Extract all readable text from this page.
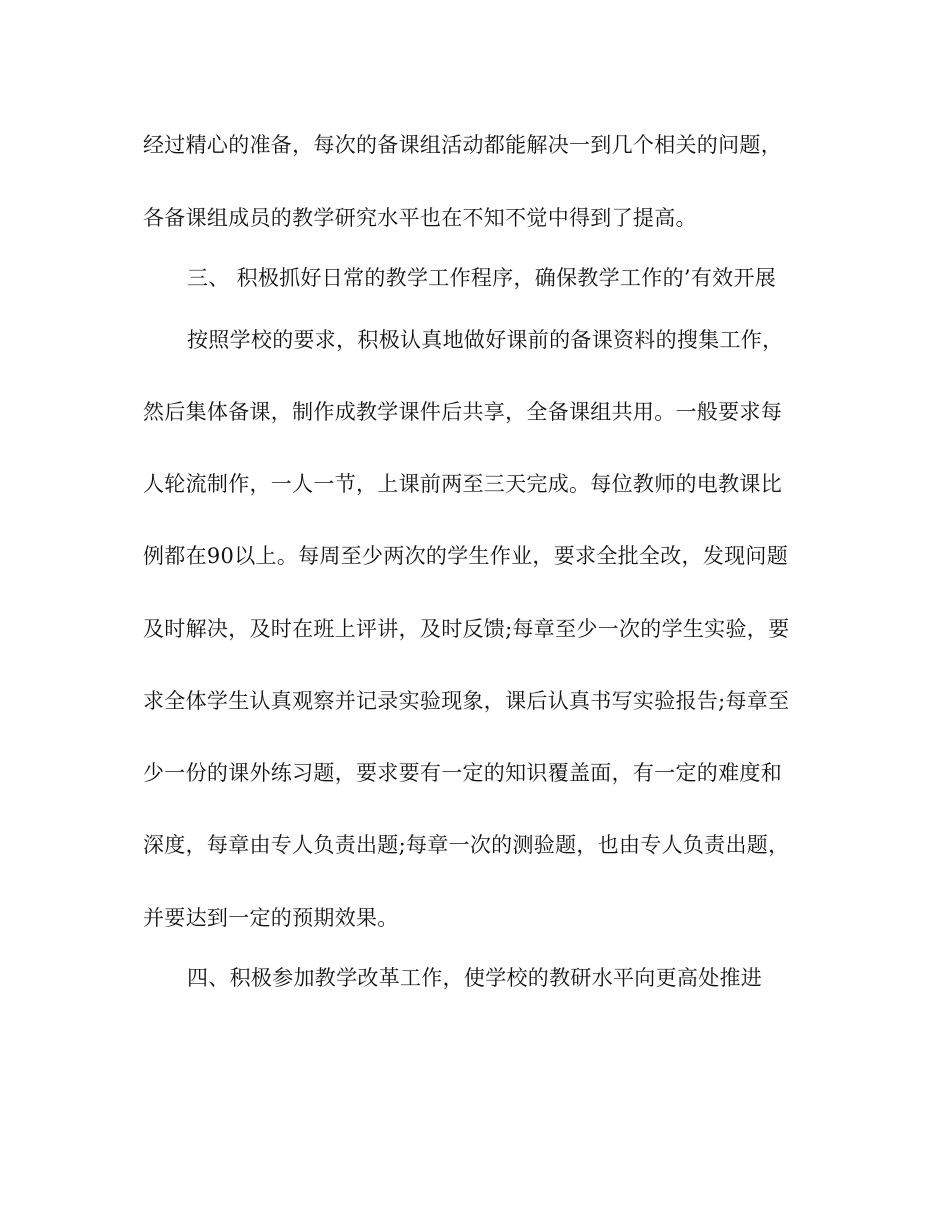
经过精心的准备，每次的备课组活动都能解决一到几个相关的问题，
各备课组成员的教学研究水平也在不知不觉中得到了提高。
三、 积极抓好日常的教学工作程序，确保教学工作的’有效开展
按照学校的要求，积极认真地做好课前的备课资料的搜集工作，
然后集体备课，制作成教学课件后共享，全备课组共用。一般要求每
人轮流制作，一人一节，上课前两至三天完成。每位教师的电教课比
例都在90以上。每周至少两次的学生作业，要求全批全改，发现问题
及时解决，及时在班上评讲，及时反馈;每章至少一次的学生实验，要
求全体学生认真观察并记录实验现象，课后认真书写实验报告;每章至
少一份的课外练习题，要求要有一定的知识覆盖面，有一定的难度和
深度，每章由专人负责出题;每章一次的测验题，也由专人负责出题，
并要达到一定的预期效果。
四、积极参加教学改革工作，使学校的教研水平向更高处推进
